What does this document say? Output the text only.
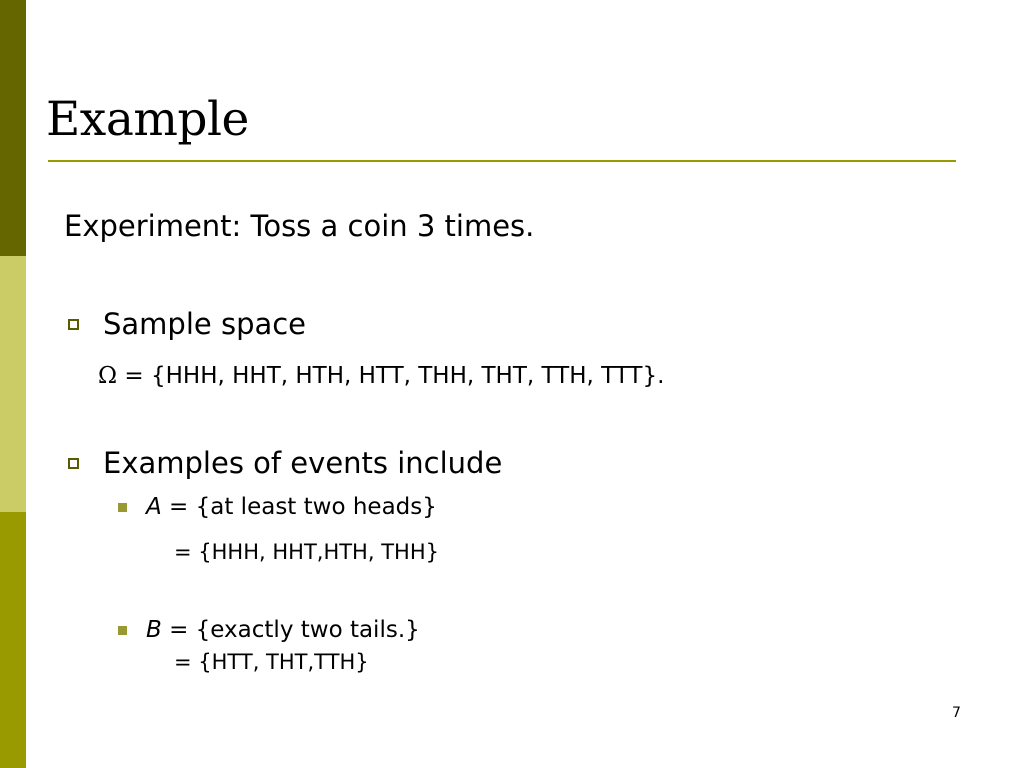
Example
Experiment: Toss a coin 3 times.
Sample space
Ω = {HHH, HHT, HTH, HTT, THH, THT, TTH, TTT}.
Examples of events include
A = {at least two heads}
= {HHH, HHT,HTH, THH}
B = {exactly two tails.}
= {HTT, THT,TTH}
7
